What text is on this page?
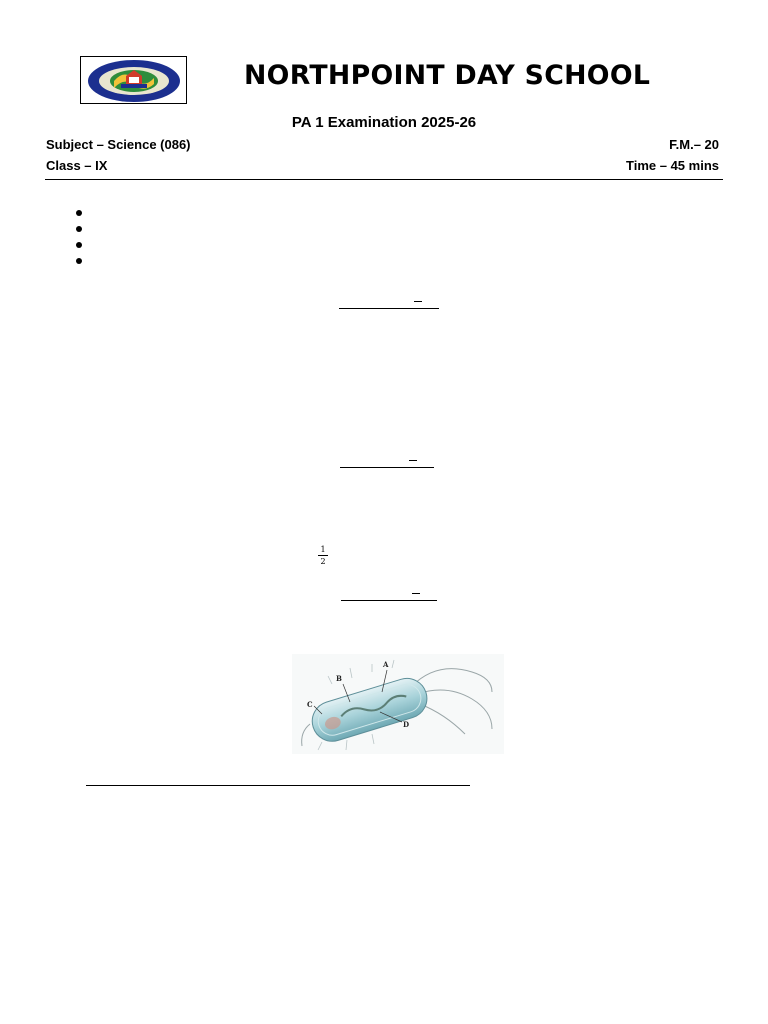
NORTHPOINT DAY SCHOOL
PA 1 Examination 2025-26
Subject – Science (086)	F.M.– 20
Class – IX	Time – 45 mins
1
2
A
B
C
D
